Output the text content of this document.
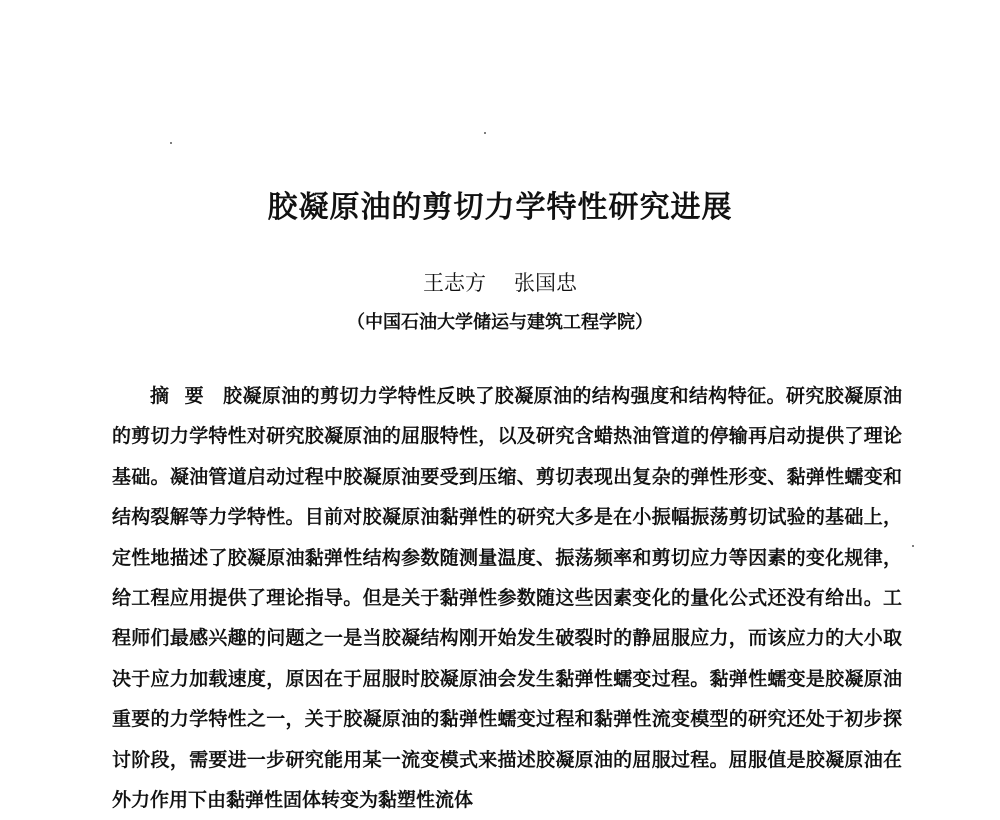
胶凝原油的剪切力学特性研究进展
王志方 张国忠
（中国石油大学储运与建筑工程学院）
摘要 胶凝原油的剪切力学特性反映了胶凝原油的结构强度和结构特征。研究胶凝原油的剪切力学特性对研究胶凝原油的屈服特性，以及研究含蜡热油管道的停输再启动提供了理论基础。凝油管道启动过程中胶凝原油要受到压缩、剪切表现出复杂的弹性形变、黏弹性蠕变和结构裂解等力学特性。目前对胶凝原油黏弹性的研究大多是在小振幅振荡剪切试验的基础上，定性地描述了胶凝原油黏弹性结构参数随测量温度、振荡频率和剪切应力等因素的变化规律，给工程应用提供了理论指导。但是关于黏弹性参数随这些因素变化的量化公式还没有给出。工程师们最感兴趣的问题之一是当胶凝结构刚开始发生破裂时的静屈服应力，而该应力的大小取决于应力加载速度，原因在于屈服时胶凝原油会发生黏弹性蠕变过程。黏弹性蠕变是胶凝原油重要的力学特性之一，关于胶凝原油的黏弹性蠕变过程和黏弹性流变模型的研究还处于初步探讨阶段，需要进一步研究能用某一流变模式来描述胶凝原油的屈服过程。屈服值是胶凝原油在外力作用下由黏弹性固体转变为黏塑性流体
